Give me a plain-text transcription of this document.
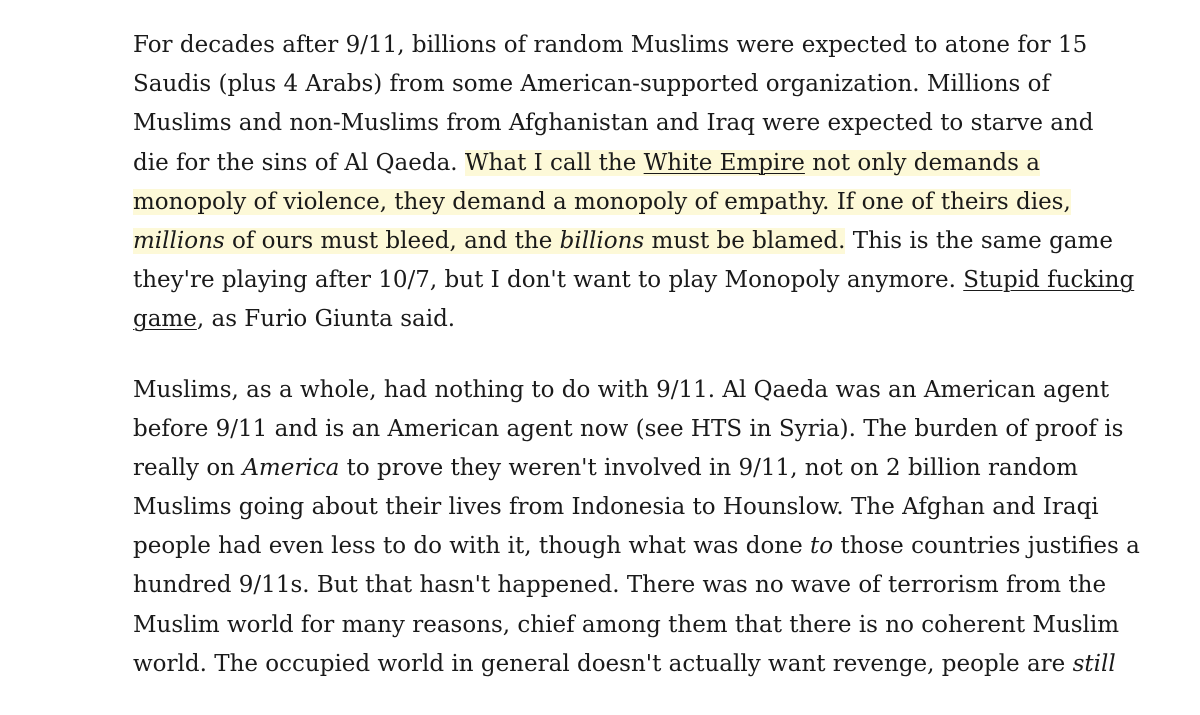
For decades after 9/11, billions of random Muslims were expected to atone for 15
Saudis (plus 4 Arabs) from some American-supported organization. Millions of
Muslims and non-Muslims from Afghanistan and Iraq were expected to starve and
die for the sins of Al Qaeda. What I call the White Empire not only demands a
monopoly of violence, they demand a monopoly of empathy. If one of theirs dies,
millions of ours must bleed, and the billions must be blamed. This is the same game
they're playing after 10/7, but I don't want to play Monopoly anymore. Stupid fucking
game, as Furio Giunta said.

Muslims, as a whole, had nothing to do with 9/11. Al Qaeda was an American agent
before 9/11 and is an American agent now (see HTS in Syria). The burden of proof is
really on America to prove they weren't involved in 9/11, not on 2 billion random
Muslims going about their lives from Indonesia to Hounslow. The Afghan and Iraqi
people had even less to do with it, though what was done to those countries justifies a
hundred 9/11s. But that hasn't happened. There was no wave of terrorism from the
Muslim world for many reasons, chief among them that there is no coherent Muslim
world. The occupied world in general doesn't actually want revenge, people are still
